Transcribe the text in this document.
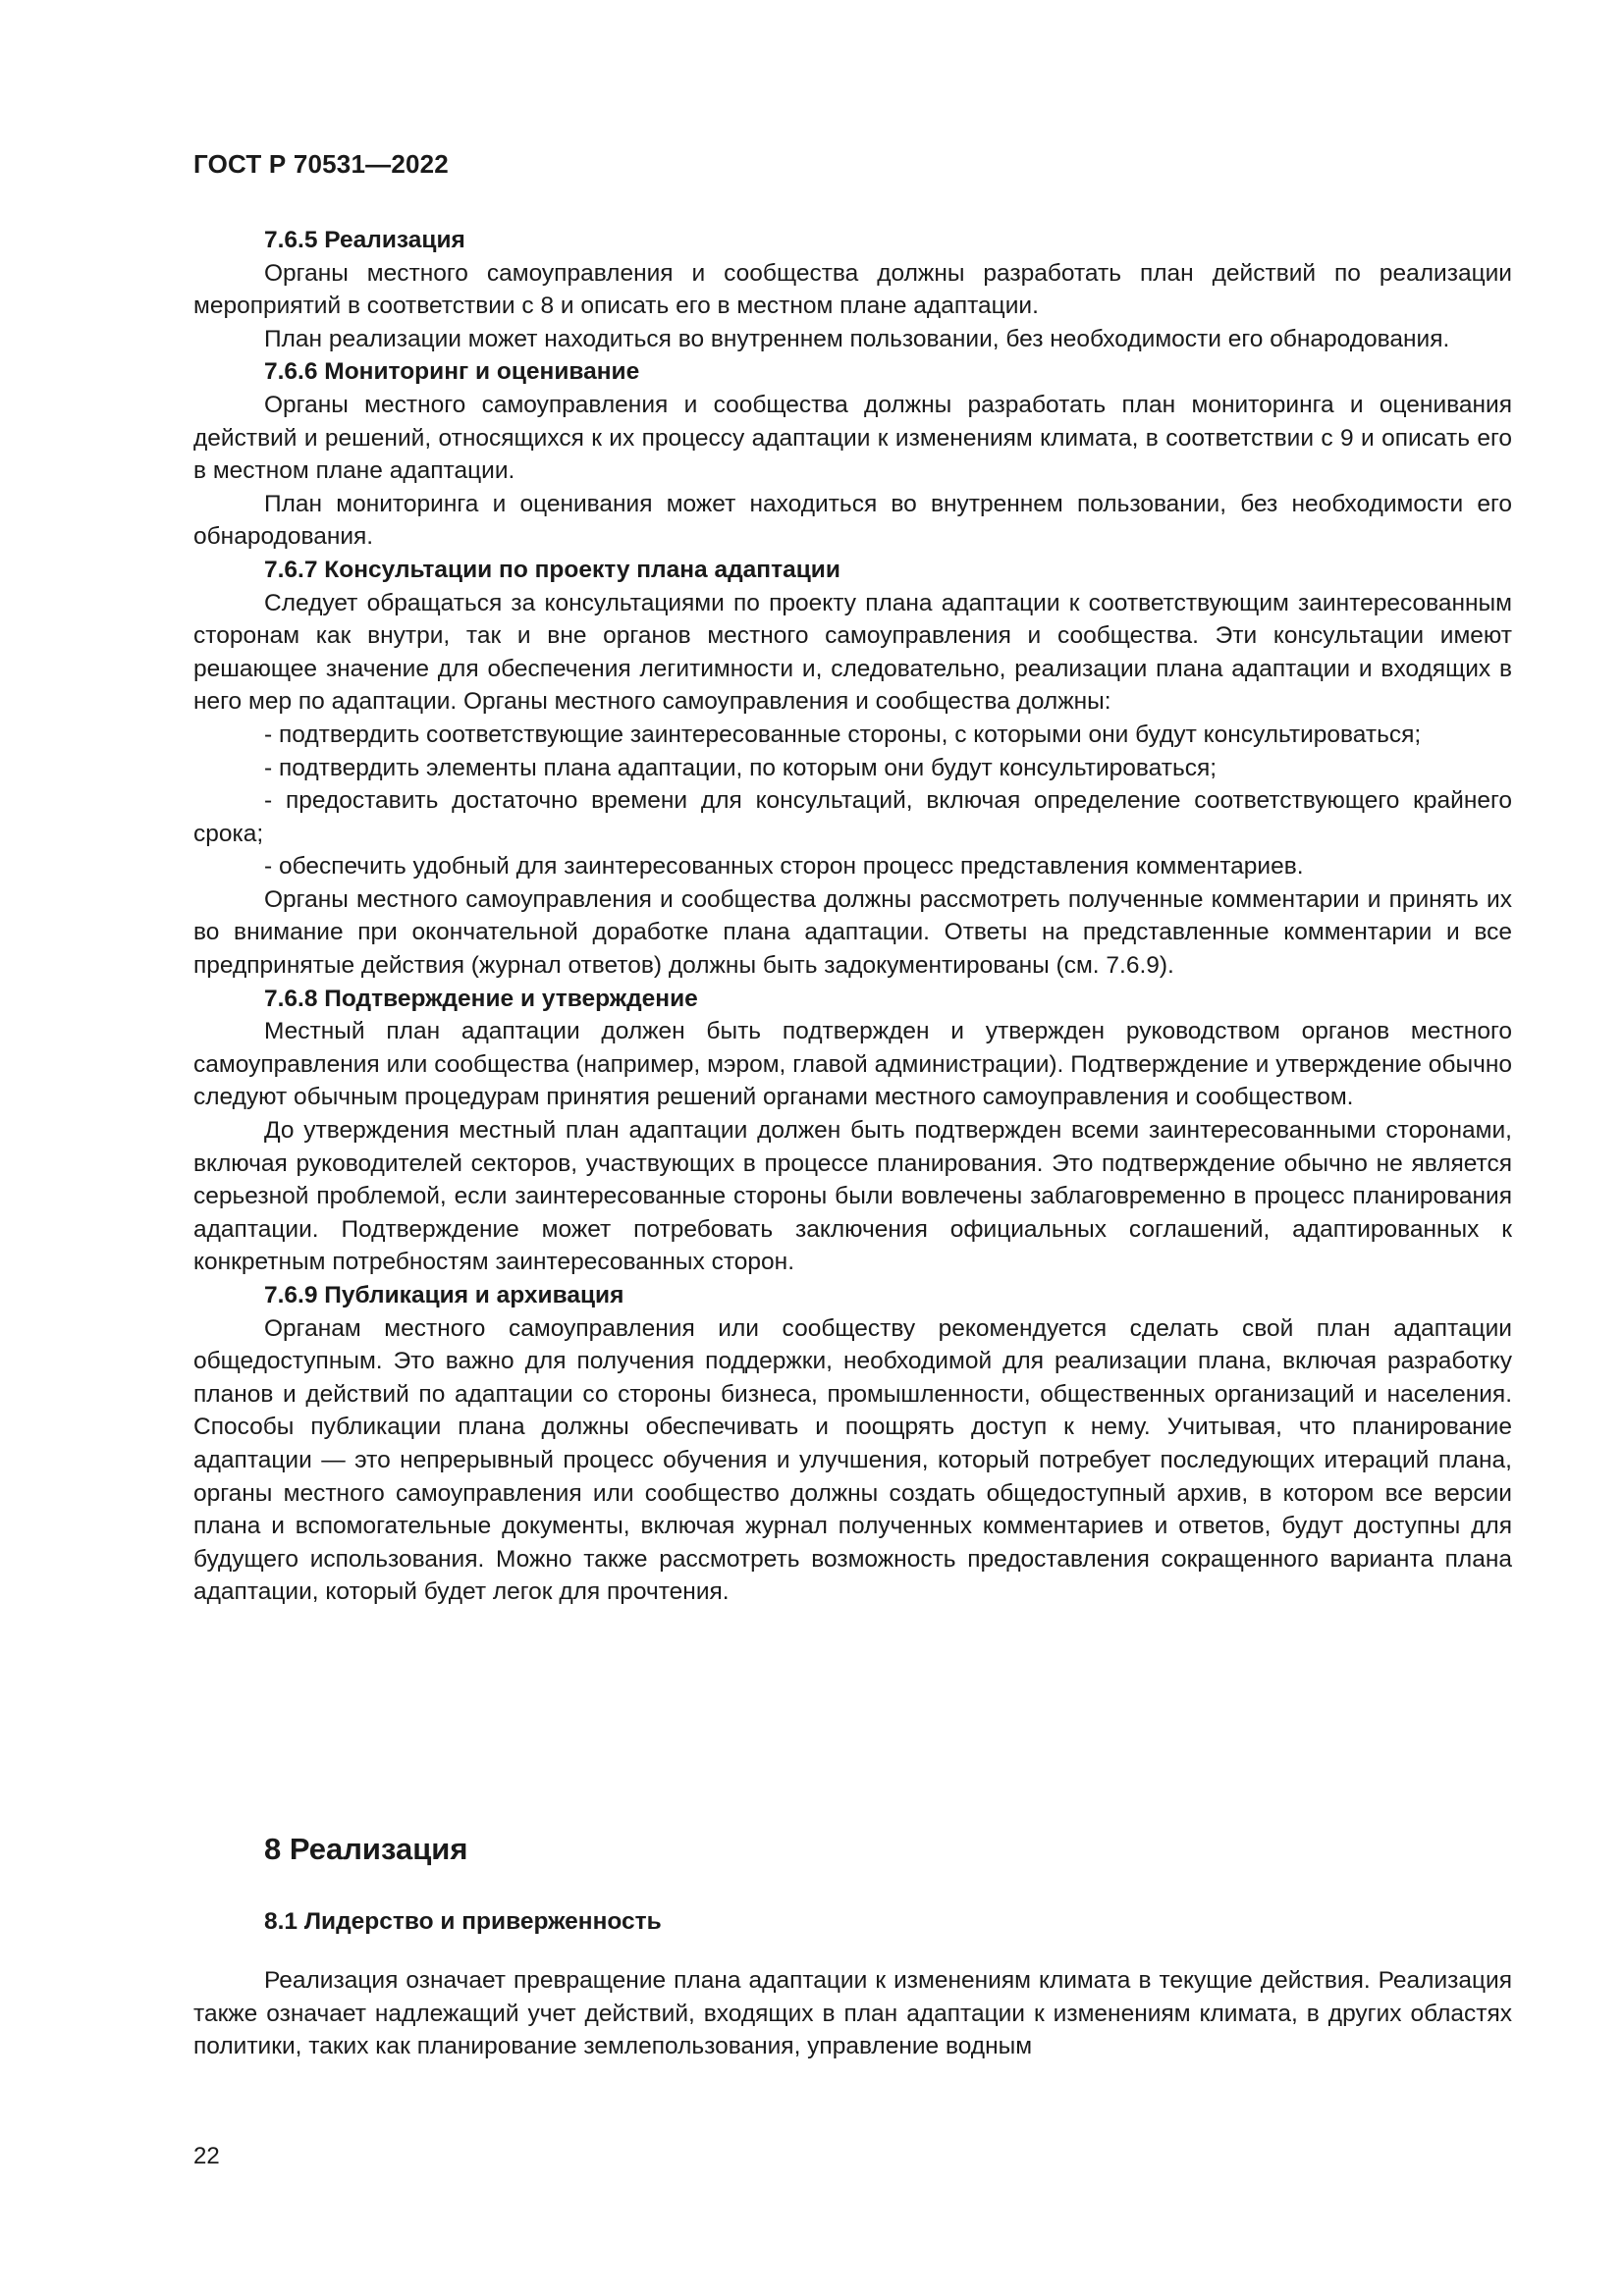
ГОСТ Р 70531—2022

7.6.5 Реализация

Органы местного самоуправления и сообщества должны разработать план действий по реализации мероприятий в соответствии с 8 и описать его в местном плане адаптации.

План реализации может находиться во внутреннем пользовании, без необходимости его обнародования.

7.6.6 Мониторинг и оценивание

Органы местного самоуправления и сообщества должны разработать план мониторинга и оценивания действий и решений, относящихся к их процессу адаптации к изменениям климата, в соответствии с 9 и описать его в местном плане адаптации.

План мониторинга и оценивания может находиться во внутреннем пользовании, без необходимости его обнародования.

7.6.7 Консультации по проекту плана адаптации

Следует обращаться за консультациями по проекту плана адаптации к соответствующим заинтересованным сторонам как внутри, так и вне органов местного самоуправления и сообщества. Эти консультации имеют решающее значение для обеспечения легитимности и, следовательно, реализации плана адаптации и входящих в него мер по адаптации. Органы местного самоуправления и сообщества должны:

- подтвердить соответствующие заинтересованные стороны, с которыми они будут консультироваться;

- подтвердить элементы плана адаптации, по которым они будут консультироваться;

- предоставить достаточно времени для консультаций, включая определение соответствующего крайнего срока;

- обеспечить удобный для заинтересованных сторон процесс представления комментариев.

Органы местного самоуправления и сообщества должны рассмотреть полученные комментарии и принять их во внимание при окончательной доработке плана адаптации. Ответы на представленные комментарии и все предпринятые действия (журнал ответов) должны быть задокументированы (см. 7.6.9).

7.6.8 Подтверждение и утверждение

Местный план адаптации должен быть подтвержден и утвержден руководством органов местного самоуправления или сообщества (например, мэром, главой администрации). Подтверждение и утверждение обычно следуют обычным процедурам принятия решений органами местного самоуправления и сообществом.

До утверждения местный план адаптации должен быть подтвержден всеми заинтересованными сторонами, включая руководителей секторов, участвующих в процессе планирования. Это подтверждение обычно не является серьезной проблемой, если заинтересованные стороны были вовлечены заблаговременно в процесс планирования адаптации. Подтверждение может потребовать заключения официальных соглашений, адаптированных к конкретным потребностям заинтересованных сторон.

7.6.9 Публикация и архивация

Органам местного самоуправления или сообществу рекомендуется сделать свой план адаптации общедоступным. Это важно для получения поддержки, необходимой для реализации плана, включая разработку планов и действий по адаптации со стороны бизнеса, промышленности, общественных организаций и населения. Способы публикации плана должны обеспечивать и поощрять доступ к нему. Учитывая, что планирование адаптации — это непрерывный процесс обучения и улучшения, который потребует последующих итераций плана, органы местного самоуправления или сообщество должны создать общедоступный архив, в котором все версии плана и вспомогательные документы, включая журнал полученных комментариев и ответов, будут доступны для будущего использования. Можно также рассмотреть возможность предоставления сокращенного варианта плана адаптации, который будет легок для прочтения.

8 Реализация
8.1 Лидерство и приверженность

Реализация означает превращение плана адаптации к изменениям климата в текущие действия. Реализация также означает надлежащий учет действий, входящих в план адаптации к изменениям климата, в других областях политики, таких как планирование землепользования, управление водным

22
